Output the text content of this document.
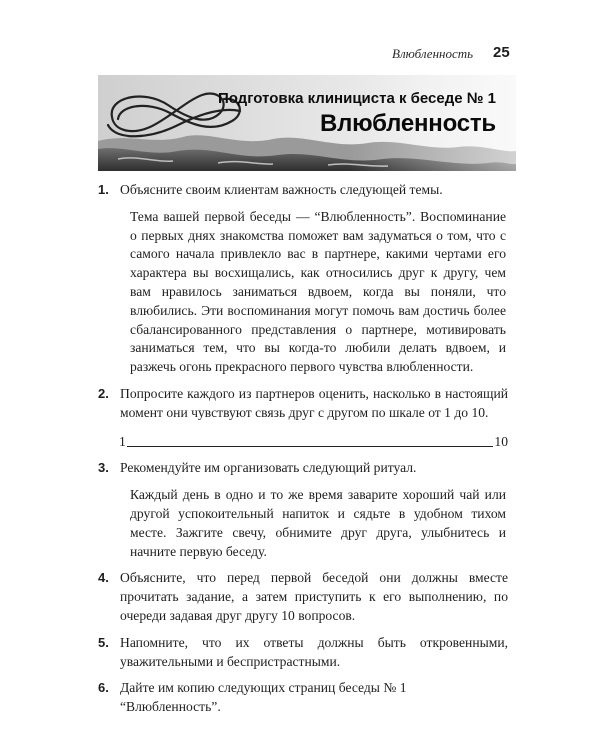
Влюбленность 25
Подготовка клинициста к беседе № 1
Влюбленность
1. Объясните своим клиентам важность следующей темы.
Тема вашей первой беседы — “Влюбленность”. Воспоминание о первых днях знакомства поможет вам задуматься о том, что с самого начала привлекло вас в партнере, какими чертами его характера вы восхищались, как относились друг к другу, чем вам нравилось заниматься вдвоем, когда вы поняли, что влюбились. Эти воспоминания могут помочь вам достичь более сбалансированного представления о партнере, мотивировать заниматься тем, что вы когда-то любили делать вдвоем, и разжечь огонь прекрасного первого чувства влюбленности.
2. Попросите каждого из партнеров оценить, насколько в настоящий момент они чувствуют связь друг с другом по шкале от 1 до 10.
1	10
3. Рекомендуйте им организовать следующий ритуал.
Каждый день в одно и то же время заварите хороший чай или другой успокоительный напиток и сядьте в удобном тихом месте. Зажгите свечу, обнимите друг друга, улыбнитесь и начните первую беседу.
4. Объясните, что перед первой беседой они должны вместе прочитать задание, а затем приступить к его выполнению, по очереди задавая друг другу 10 вопросов.
5. Напомните, что их ответы должны быть откровенными, уважительными и беспристрастными.
6. Дайте им копию следующих страниц беседы № 1 “Влюбленность”.
